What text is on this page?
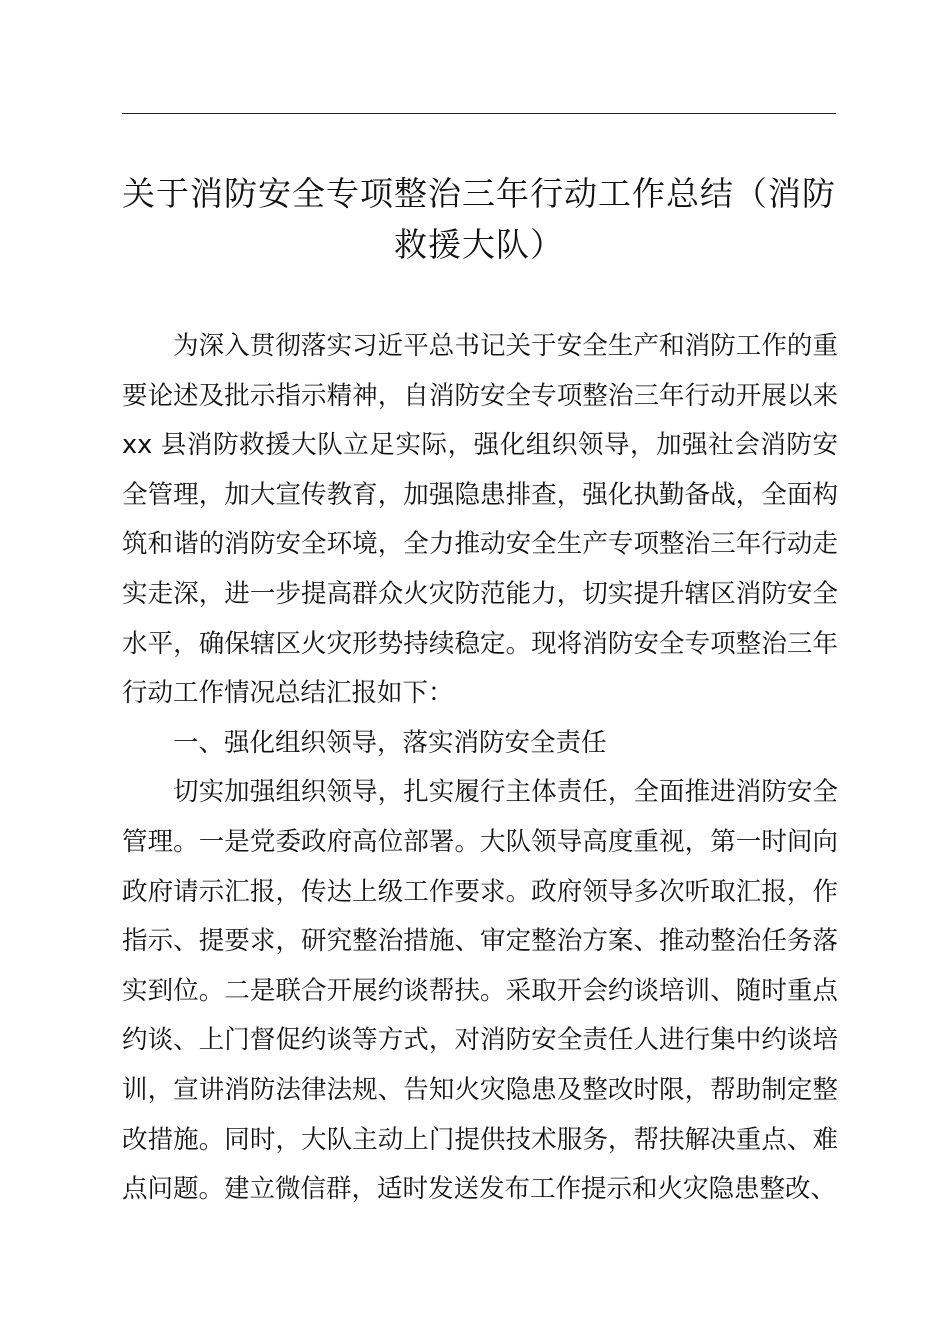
关于消防安全专项整治三年行动工作总结（消防救援大队）

为深入贯彻落实习近平总书记关于安全生产和消防工作的重要论述及批示指示精神，自消防安全专项整治三年行动开展以来 xx 县消防救援大队立足实际，强化组织领导，加强社会消防安全管理，加大宣传教育，加强隐患排查，强化执勤备战，全面构筑和谐的消防安全环境，全力推动安全生产专项整治三年行动走实走深，进一步提高群众火灾防范能力，切实提升辖区消防安全水平，确保辖区火灾形势持续稳定。现将消防安全专项整治三年行动工作情况总结汇报如下：

一、强化组织领导，落实消防安全责任

切实加强组织领导，扎实履行主体责任，全面推进消防安全管理。一是党委政府高位部署。大队领导高度重视，第一时间向政府请示汇报，传达上级工作要求。政府领导多次听取汇报，作指示、提要求，研究整治措施、审定整治方案、推动整治任务落实到位。二是联合开展约谈帮扶。采取开会约谈培训、随时重点约谈、上门督促约谈等方式，对消防安全责任人进行集中约谈培训，宣讲消防法律法规、告知火灾隐患及整改时限，帮助制定整改措施。同时，大队主动上门提供技术服务，帮扶解决重点、难点问题。建立微信群，适时发送发布工作提示和火灾隐患整改、
